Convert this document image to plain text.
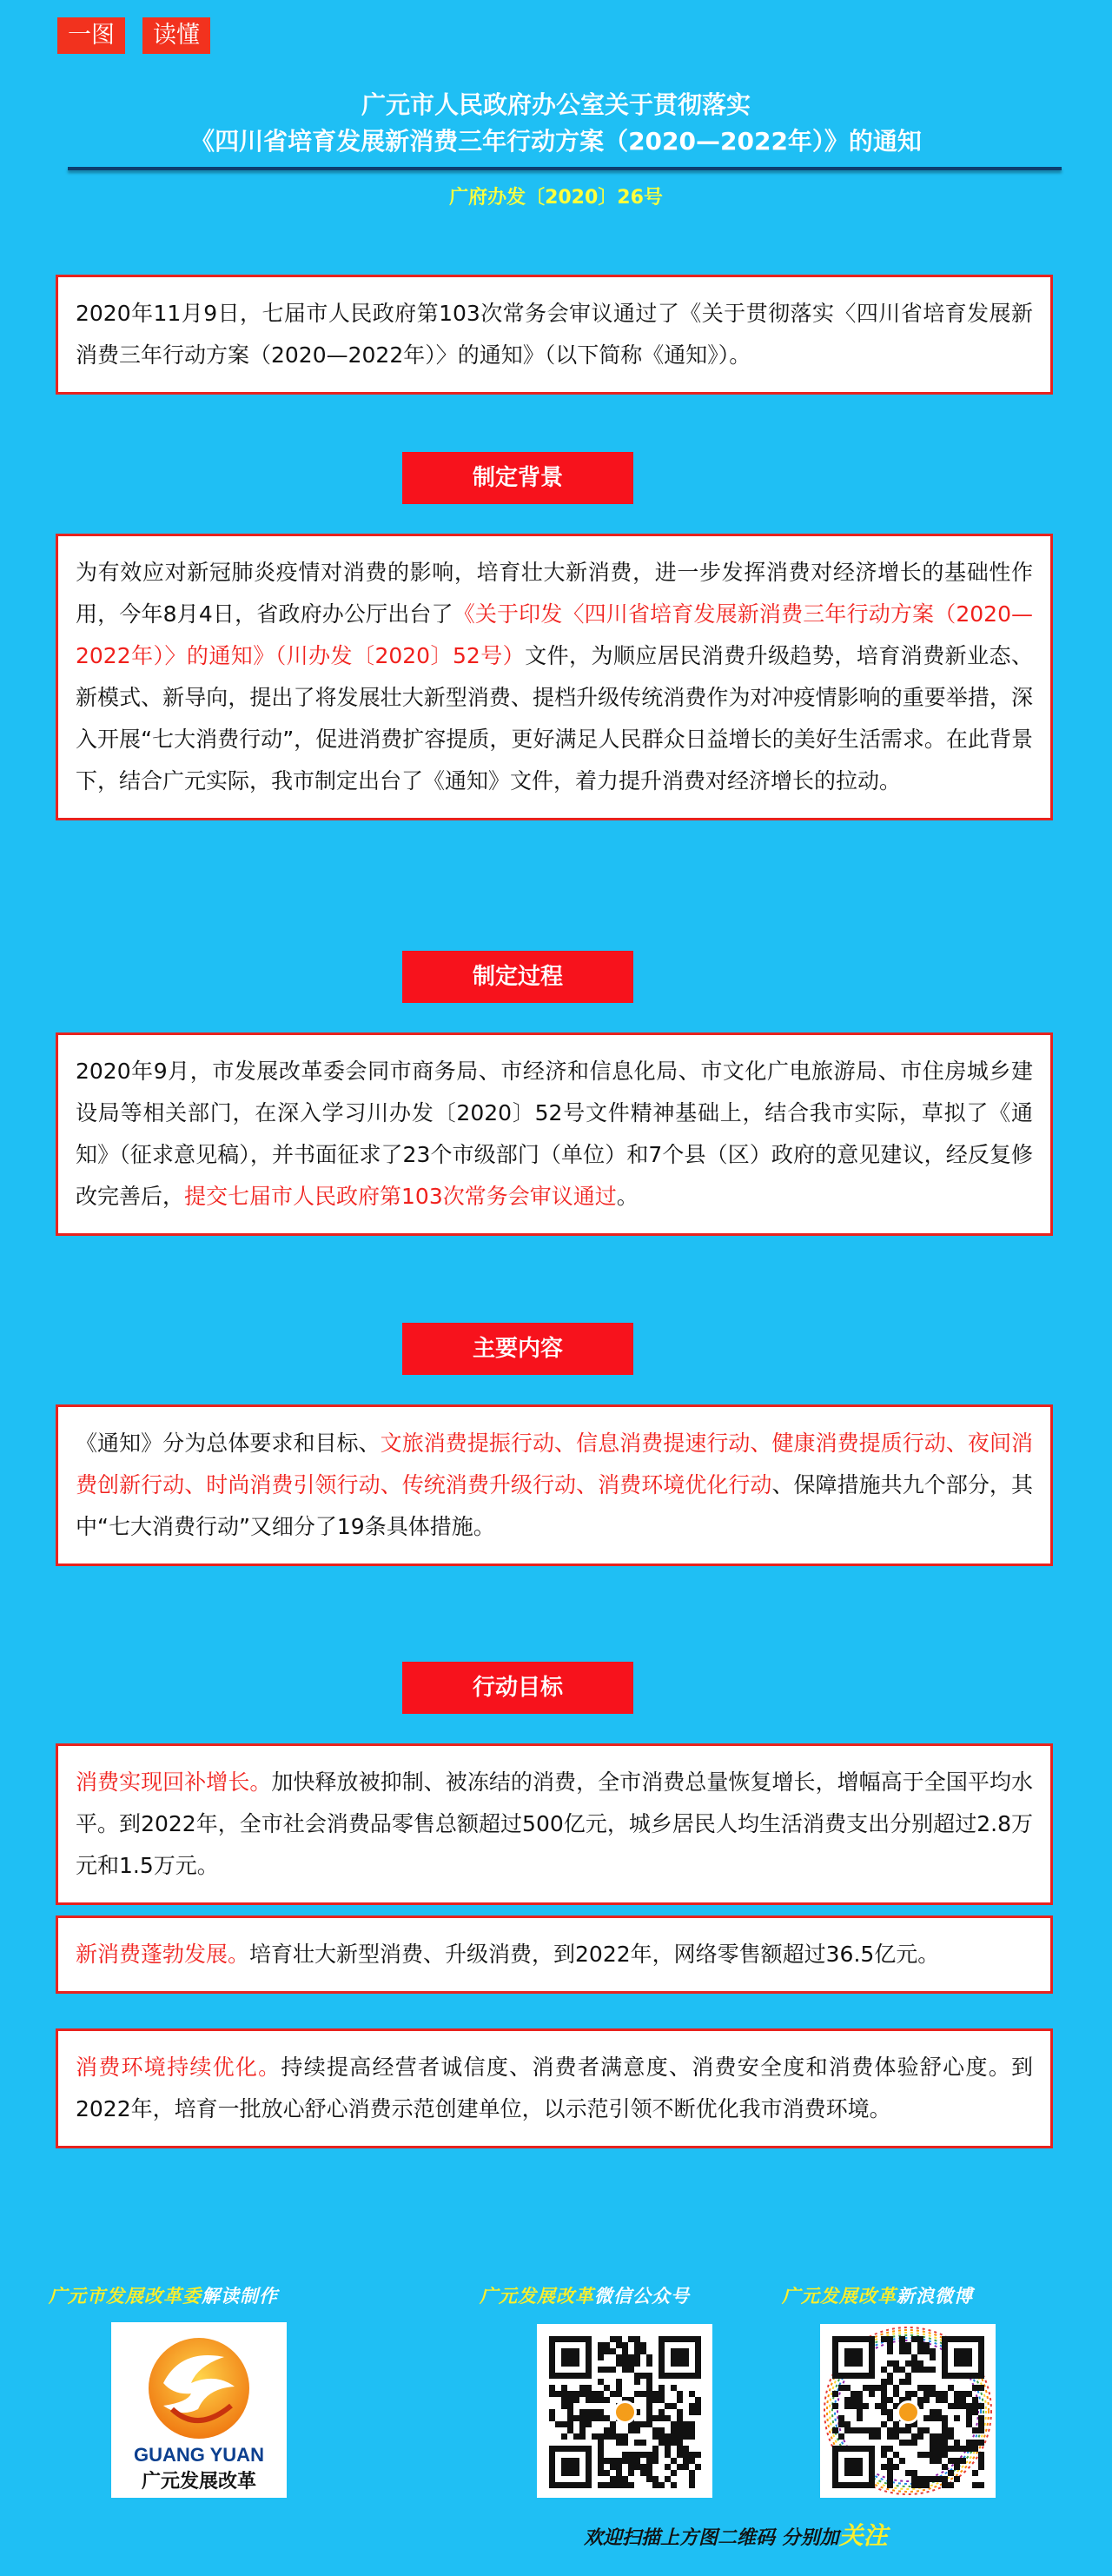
一图	读懂
广元市人民政府办公室关于贯彻落实
《四川省培育发展新消费三年行动方案（2020—2022年）》的通知
广府办发〔2020〕26号
2020年11月9日，七届市人民政府第103次常务会审议通过了《关于贯彻落实〈四川省培育发展新消费三年行动方案（2020—2022年）〉的通知》（以下简称《通知》）。
制定背景
为有效应对新冠肺炎疫情对消费的影响，培育壮大新消费，进一步发挥消费对经济增长的基础性作用，今年8月4日，省政府办公厅出台了《关于印发〈四川省培育发展新消费三年行动方案（2020—2022年）〉的通知》（川办发〔2020〕52号）文件，为顺应居民消费升级趋势，培育消费新业态、新模式、新导向，提出了将发展壮大新型消费、提档升级传统消费作为对冲疫情影响的重要举措，深入开展“七大消费行动”，促进消费扩容提质，更好满足人民群众日益增长的美好生活需求。在此背景下，结合广元实际，我市制定出台了《通知》文件，着力提升消费对经济增长的拉动。
制定过程
2020年9月，市发展改革委会同市商务局、市经济和信息化局、市文化广电旅游局、市住房城乡建设局等相关部门，在深入学习川办发〔2020〕52号文件精神基础上，结合我市实际，草拟了《通知》（征求意见稿），并书面征求了23个市级部门（单位）和7个县（区）政府的意见建议，经反复修改完善后，提交七届市人民政府第103次常务会审议通过。
主要内容
《通知》分为总体要求和目标、文旅消费提振行动、信息消费提速行动、健康消费提质行动、夜间消费创新行动、时尚消费引领行动、传统消费升级行动、消费环境优化行动、保障措施共九个部分，其中“七大消费行动”又细分了19条具体措施。
行动目标
消费实现回补增长。加快释放被抑制、被冻结的消费，全市消费总量恢复增长，增幅高于全国平均水平。到2022年，全市社会消费品零售总额超过500亿元，城乡居民人均生活消费支出分别超过2.8万元和1.5万元。
新消费蓬勃发展。培育壮大新型消费、升级消费，到2022年，网络零售额超过36.5亿元。
消费环境持续优化。持续提高经营者诚信度、消费者满意度、消费安全度和消费体验舒心度。到2022年，培育一批放心舒心消费示范创建单位，以示范引领不断优化我市消费环境。
广元市发展改革委解读制作	广元发展改革微信公众号	广元发展改革新浪微博
GUANG YUAN
广元发展改革
欢迎扫描上方图二维码 分别加关注
